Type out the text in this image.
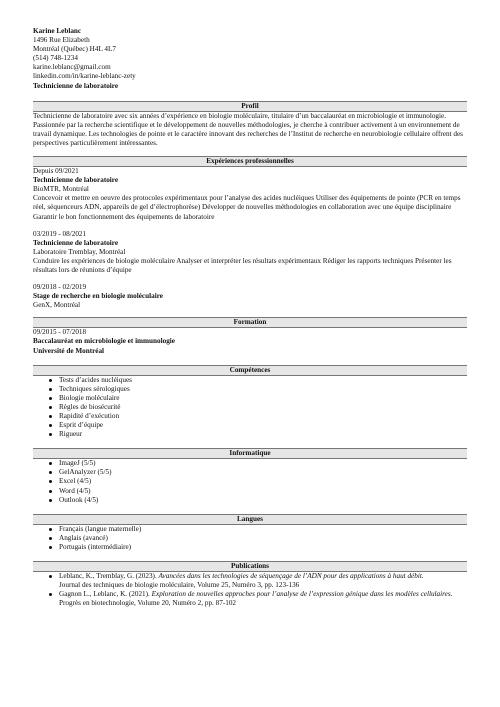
Karine Leblanc
1496 Rue Elizabeth
Montréal (Québec) H4L 4L7
(514) 748-1234
karine.leblanc@gmail.com
linkedin.com/in/karine-leblanc-zety
Technicienne de laboratoire
Profil

Technicienne de laboratoire avec six années d’expérience en biologie moléculaire, titulaire d’un baccalauréat en microbiologie et immunologie. Passionnée par la recherche scientifique et le développement de nouvelles méthodologies, je cherche à contribuer activement à un environnement de travail dynamique. Les technologies de pointe et le caractère innovant des recherches de l’Institut de recherche en neurobiologie cellulaire offrent des perspectives particulièrement intéressantes.

Expériences professionnelles
Depuis 09/2021
Technicienne de laboratoire
BioMTR, Montréal
Concevoir et mettre en oeuvre des protocoles expérimentaux pour l’analyse des acides nucléiques Utiliser des équipements de pointe (PCR en temps réel, séquenceurs ADN, appareils de gel d’électrophorèse) Développer de nouvelles méthodologies en collaboration avec une équipe disciplinaire Garantir le bon fonctionnement des équipements de laboratoire
03/2019 - 08/2021
Technicienne de laboratoire
Laboratoire Tremblay, Montréal
Conduire les expériences de biologie moléculaire Analyser et interpréter les résultats expérimentaux Rédiger les rapports techniques Présenter les résultats lors de réunions d’équipe
09/2018 - 02/2019
Stage de recherche en biologie moléculaire
GenX, Montréal
Formation
09/2015 - 07/2018
Baccalauréat en microbiologie et immunologie
Université de Montréal
Compétences
Tests d’acides nucléiques
Techniques sérologiques
Biologie moléculaire
Règles de biosécurité
Rapidité d’exécution
Esprit d’équipe
Rigueur
Informatique
ImageJ (5/5)
GelAnalyzer (5/5)
Excel (4/5)
Word (4/5)
Outlook (4/5)
Langues
Français (langue maternelle)
Anglais (avancé)
Portugais (intermédiaire)
Publications
Leblanc, K., Tremblay, G. (2023). Avancées dans les technologies de séquençage de l’ADN pour des applications à haut débit.
Journal des techniques de biologie moléculaire, Volume 25, Numéro 3, pp. 123-136
Gagnon L., Leblanc, K. (2021). Exploration de nouvelles approches pour l’analyse de l’expression génique dans les modèles cellulaires.
Progrès en biotechnologie, Volume 20, Numéro 2, pp. 87-102
